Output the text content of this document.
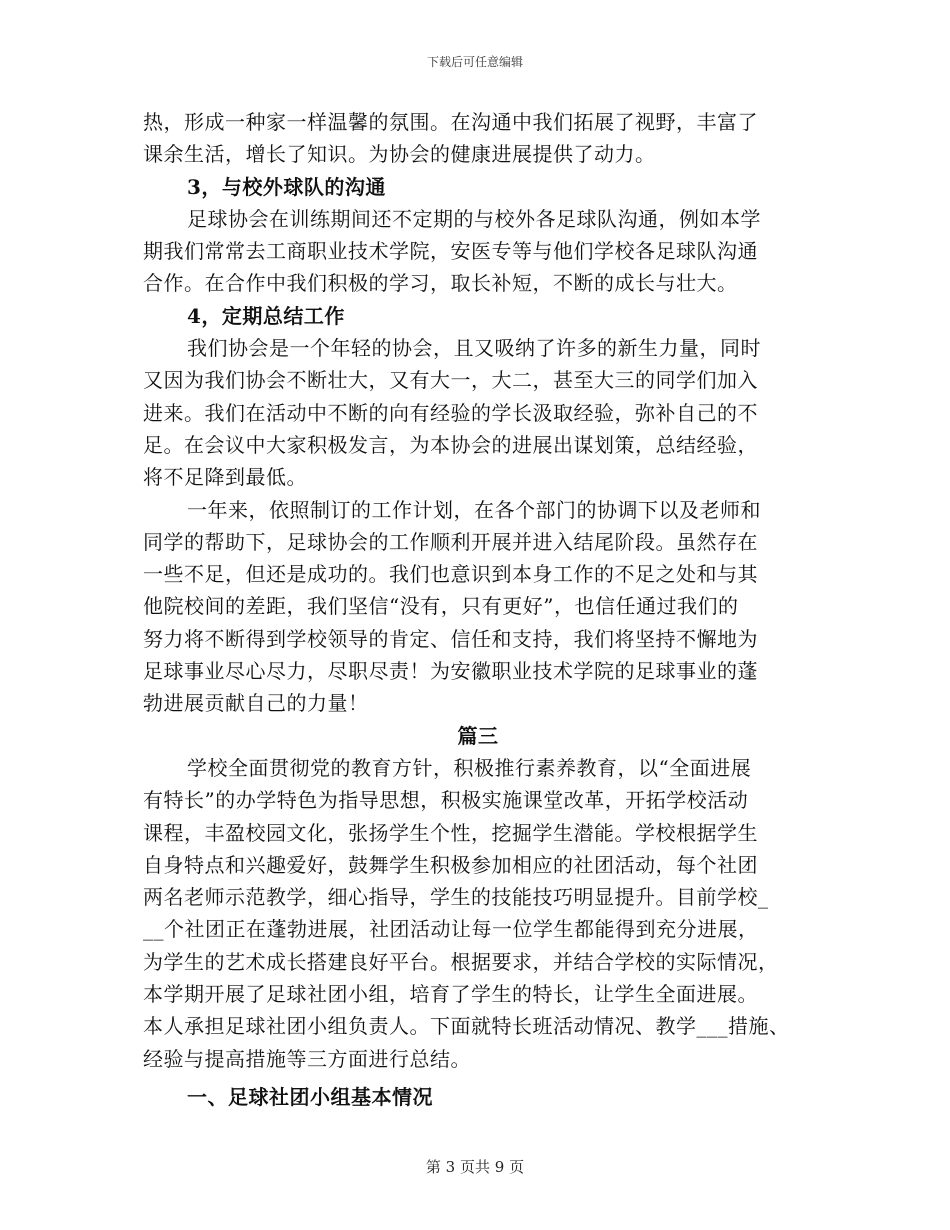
下载后可任意编辑

热，形成一种家一样温馨的氛围。在沟通中我们拓展了视野，丰富了

课余生活，增长了知识。为协会的健康进展提供了动力。

3，与校外球队的沟通

足球协会在训练期间还不定期的与校外各足球队沟通，例如本学

期我们常常去工商职业技术学院，安医专等与他们学校各足球队沟通

合作。在合作中我们积极的学习，取长补短，不断的成长与壮大。

4，定期总结工作

我们协会是一个年轻的协会，且又吸纳了许多的新生力量，同时

又因为我们协会不断壮大，又有大一，大二，甚至大三的同学们加入

进来。我们在活动中不断的向有经验的学长汲取经验，弥补自己的不

足。在会议中大家积极发言，为本协会的进展出谋划策，总结经验，

将不足降到最低。

一年来，依照制订的工作计划，在各个部门的协调下以及老师和

同学的帮助下，足球协会的工作顺利开展并进入结尾阶段。虽然存在

一些不足，但还是成功的。我们也意识到本身工作的不足之处和与其

他院校间的差距，我们坚信“没有，只有更好”，也信任通过我们的

努力将不断得到学校领导的肯定、信任和支持，我们将坚持不懈地为

足球事业尽心尽力，尽职尽责！为安徽职业技术学院的足球事业的蓬

勃进展贡献自己的力量！

篇三

学校全面贯彻党的教育方针，积极推行素养教育，以“全面进展

有特长”的办学特色为指导思想，积极实施课堂改革，开拓学校活动

课程，丰盈校园文化，张扬学生个性，挖掘学生潜能。学校根据学生

自身特点和兴趣爱好，鼓舞学生积极参加相应的社团活动，每个社团

两名老师示范教学，细心指导，学生的技能技巧明显提升。目前学校_

__个社团正在蓬勃进展，社团活动让每一位学生都能得到充分进展，

为学生的艺术成长搭建良好平台。根据要求，并结合学校的实际情况，

本学期开展了足球社团小组，培育了学生的特长，让学生全面进展。

本人承担足球社团小组负责人。下面就特长班活动情况、教学___措施、

经验与提高措施等三方面进行总结。

一、足球社团小组基本情况

第 3 页共 9 页
